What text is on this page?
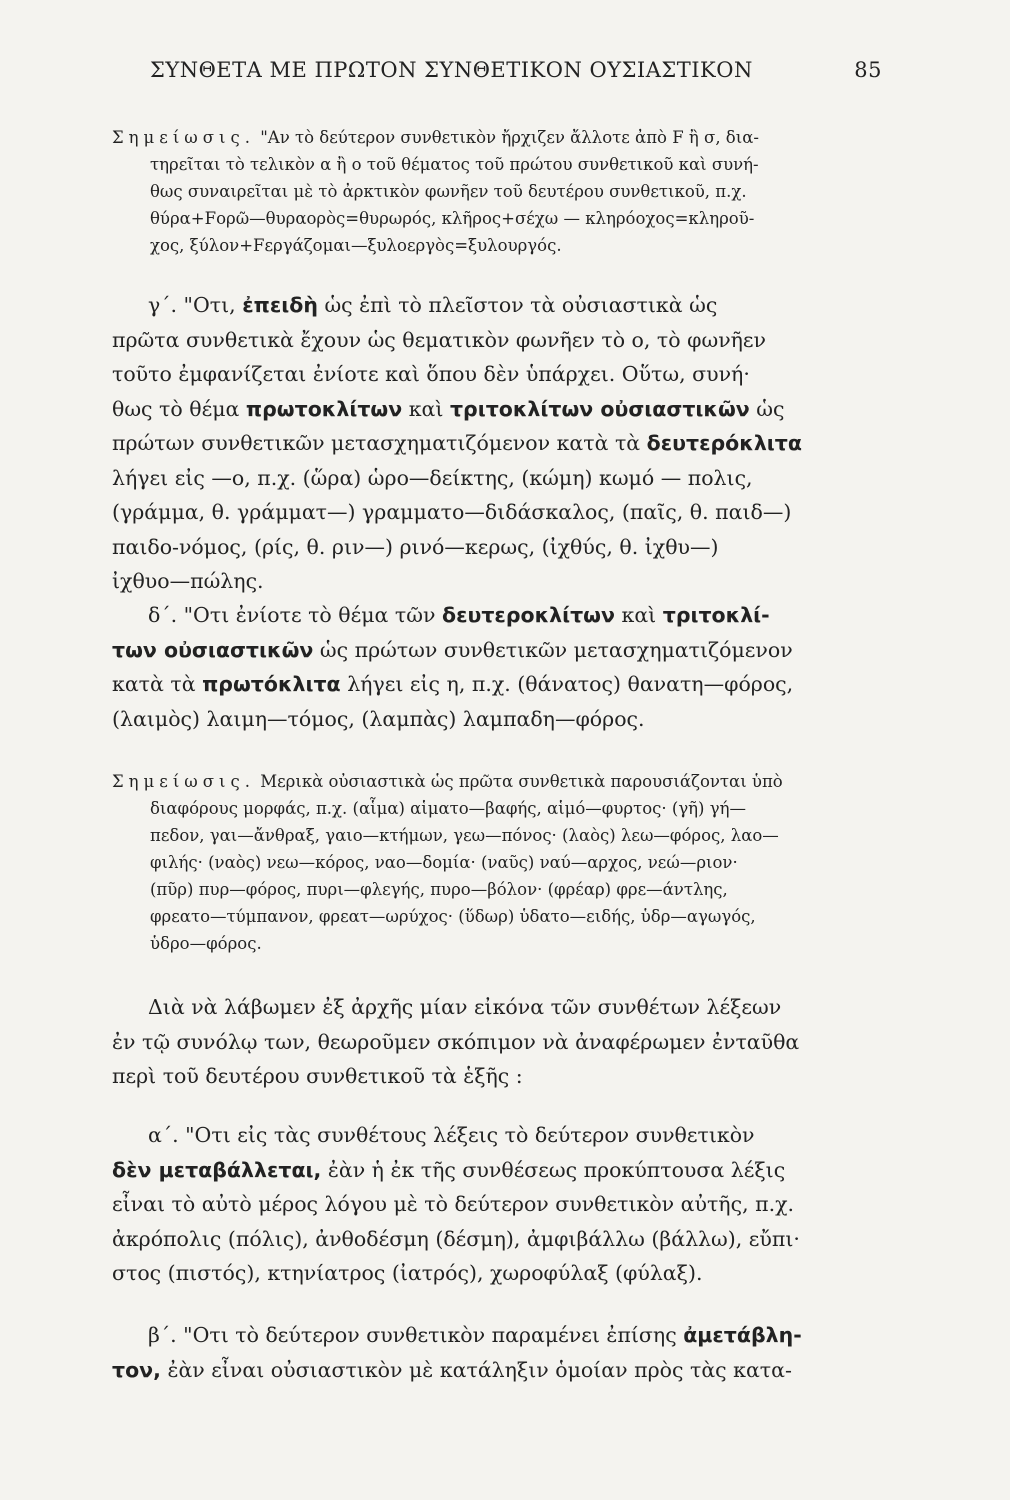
ΣΥΝΘΕΤΑ ΜΕ ΠΡΩΤΟΝ ΣΥΝΘΕΤΙΚΟΝ ΟΥΣΙΑΣΤΙΚΟΝ	85
Σημείωσις. "Αν τὸ δεύτερον συνθετικὸν ἤρχιζεν ἄλλοτε ἀπὸ F ἢ σ, δια-
τηρεῖται τὸ τελικὸν α ἢ ο τοῦ θέματος τοῦ πρώτου συνθετικοῦ καὶ συνή-
θως συναιρεῖται μὲ τὸ ἀρκτικὸν φωνῆεν τοῦ δευτέρου συνθετικοῦ, π.χ.
θύρα+Fορῶ—θυραορὸς=θυρωρός, κλῆρος+σέχω — κληρόοχος=κληροῦ-
χος, ξύλον+Fεργάζομαι—ξυλοεργὸς=ξυλουργός.
γ΄. "Οτι, ἐπειδὴ ὡς ἐπὶ τὸ πλεῖστον τὰ οὐσιαστικὰ ὡς
πρῶτα συνθετικὰ ἔχουν ὡς θεματικὸν φωνῆεν τὸ ο, τὸ φωνῆεν
τοῦτο ἐμφανίζεται ἐνίοτε καὶ ὅπου δὲν ὑπάρχει. Οὕτω, συνή·
θως τὸ θέμα πρωτοκλίτων καὶ τριτοκλίτων οὐσιαστικῶν ὡς
πρώτων συνθετικῶν μετασχηματιζόμενον κατὰ τὰ δευτερόκλιτα
λήγει εἰς —ο, π.χ. (ὥρα) ὡρο—δείκτης, (κώμη) κωμό — πολις,
(γράμμα, θ. γράμματ—) γραμματο—διδάσκαλος, (παῖς, θ. παιδ—)
παιδο-νόμος, (ρίς, θ. ριν—) ρινό—κερως, (ἰχθύς, θ. ἰχθυ—)
ἰχθυο—πώλης.
δ΄. "Οτι ἐνίοτε τὸ θέμα τῶν δευτεροκλίτων καὶ τριτοκλί-
των οὐσιαστικῶν ὡς πρώτων συνθετικῶν μετασχηματιζόμενον
κατὰ τὰ πρωτόκλιτα λήγει εἰς η, π.χ. (θάνατος) θανατη—φόρος,
(λαιμὸς) λαιμη—τόμος, (λαμπὰς) λαμπαδη—φόρος.
Σημείωσις. Μερικὰ οὐσιαστικὰ ὡς πρῶτα συνθετικὰ παρουσιάζονται ὑπὸ
διαφόρους μορφάς, π.χ. (αἷμα) αἱματο—βαφής, αἱμό—φυρτος· (γῆ) γή—
πεδον, γαι—ἄνθραξ, γαιο—κτήμων, γεω—πόνος· (λαὸς) λεω—φόρος, λαο—
φιλής· (ναὸς) νεω—κόρος, ναο—δομία· (ναῦς) ναύ—αρχος, νεώ—ριον·
(πῦρ) πυρ—φόρος, πυρι—φλεγής, πυρο—βόλον· (φρέαρ) φρε—άντλης,
φρεατο—τύμπανον, φρεατ—ωρύχος· (ὕδωρ) ὑδατο—ειδής, ὑδρ—αγωγός,
ὑδρο—φόρος.
Διὰ νὰ λάβωμεν ἐξ ἀρχῆς μίαν εἰκόνα τῶν συνθέτων λέξεων
ἐν τῷ συνόλῳ των, θεωροῦμεν σκόπιμον νὰ ἀναφέρωμεν ἐνταῦθα
περὶ τοῦ δευτέρου συνθετικοῦ τὰ ἑξῆς :
α΄. "Οτι εἰς τὰς συνθέτους λέξεις τὸ δεύτερον συνθετικὸν
δὲν μεταβάλλεται, ἐὰν ἡ ἐκ τῆς συνθέσεως προκύπτουσα λέξις
εἶναι τὸ αὐτὸ μέρος λόγου μὲ τὸ δεύτερον συνθετικὸν αὐτῆς, π.χ.
ἀκρόπολις (πόλις), ἀνθοδέσμη (δέσμη), ἀμφιβάλλω (βάλλω), εὔπι·
στος (πιστός), κτηνίατρος (ἰατρός), χωροφύλαξ (φύλαξ).
β΄. "Οτι τὸ δεύτερον συνθετικὸν παραμένει ἐπίσης ἀμετάβλη-
τον, ἐὰν εἶναι οὐσιαστικὸν μὲ κατάληξιν ὁμοίαν πρὸς τὰς κατα-
